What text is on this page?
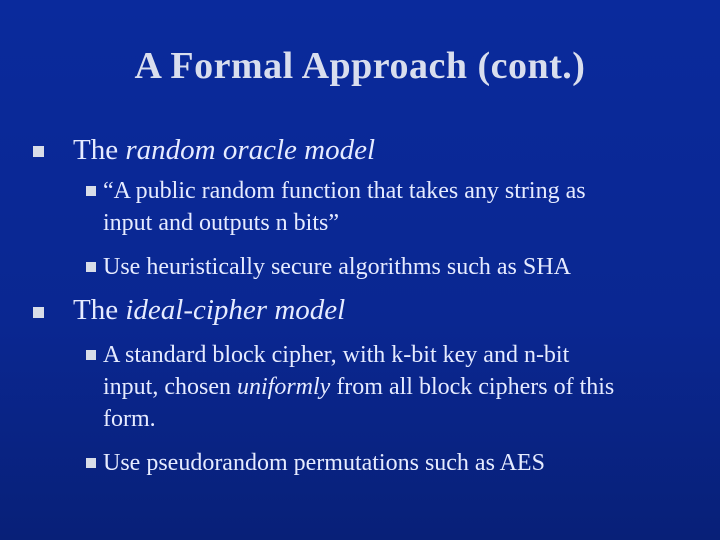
A Formal Approach (cont.)
The random oracle model
“A public random function that takes any string as
input and outputs n bits”
Use heuristically secure algorithms such as SHA
The ideal-cipher model
A standard block cipher, with k-bit key and n-bit
input, chosen uniformly from all block ciphers of this
form.
Use pseudorandom permutations such as AES
